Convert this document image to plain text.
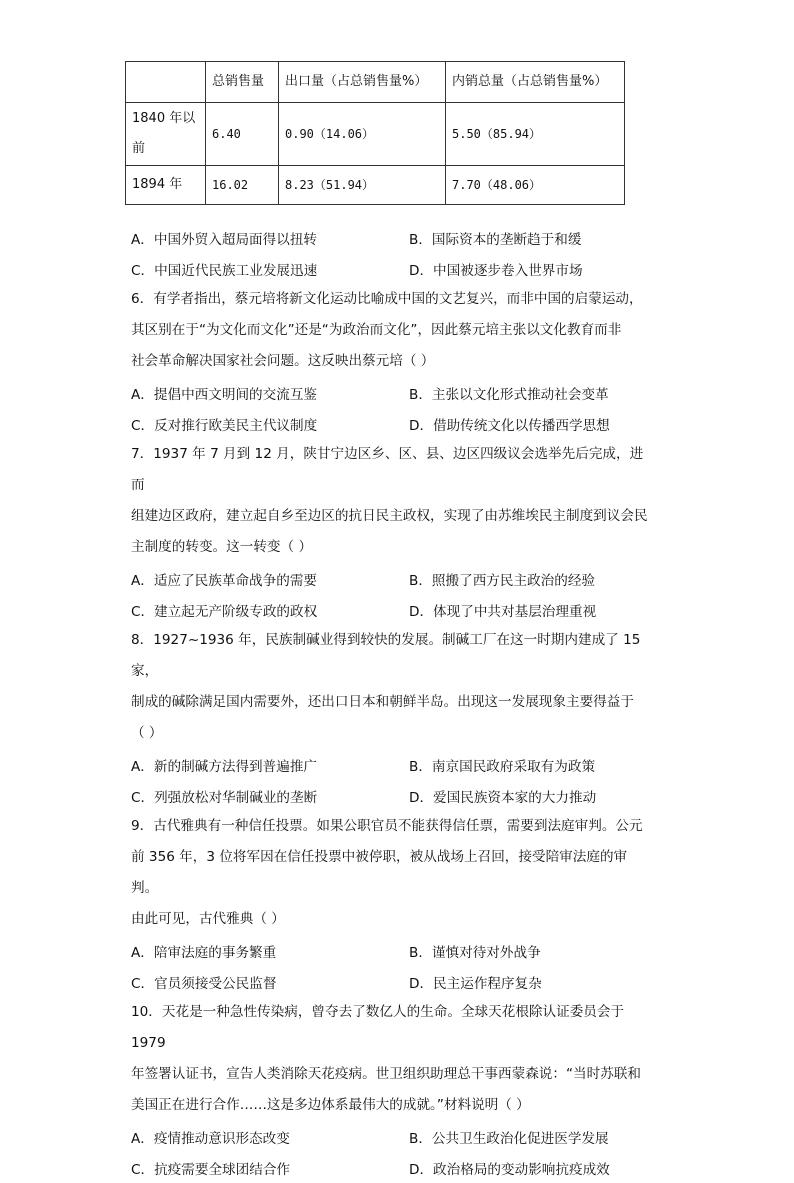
	总销售量	出口量（占总销售量%）	内销总量（占总销售量%）
1840 年以前	6.40	0.90（14.06）	5.50（85.94）
1894 年	16.02	8.23（51.94）	7.70（48.06）
A．中国外贸入超局面得以扭转	B．国际资本的垄断趋于和缓
C．中国近代民族工业发展迅速	D．中国被逐步卷入世界市场

6．有学者指出，蔡元培将新文化运动比喻成中国的文艺复兴，而非中国的启蒙运动，

其区别在于“为文化而文化”还是“为政治而文化”，因此蔡元培主张以文化教育而非

社会革命解决国家社会问题。这反映出蔡元培（ ）

A．提倡中西文明间的交流互鉴	B．主张以文化形式推动社会变革
C．反对推行欧美民主代议制度	D．借助传统文化以传播西学思想

7．1937 年 7 月到 12 月，陕甘宁边区乡、区、县、边区四级议会选举先后完成，进而

组建边区政府，建立起自乡至边区的抗日民主政权，实现了由苏维埃民主制度到议会民

主制度的转变。这一转变（ ）

A．适应了民族革命战争的需要	B．照搬了西方民主政治的经验
C．建立起无产阶级专政的政权	D．体现了中共对基层治理重视

8．1927~1936 年，民族制碱业得到较快的发展。制碱工厂在这一时期内建成了 15 家，

制成的碱除满足国内需要外，还出口日本和朝鲜半岛。出现这一发展现象主要得益于

（ ）

A．新的制碱方法得到普遍推广	B．南京国民政府采取有为政策
C．列强放松对华制碱业的垄断	D．爱国民族资本家的大力推动

9．古代雅典有一种信任投票。如果公职官员不能获得信任票，需要到法庭审判。公元

前 356 年，3 位将军因在信任投票中被停职，被从战场上召回，接受陪审法庭的审判。

由此可见，古代雅典（ ）

A．陪审法庭的事务繁重	B．谨慎对待对外战争
C．官员须接受公民监督	D．民主运作程序复杂

10．天花是一种急性传染病，曾夺去了数亿人的生命。全球天花根除认证委员会于 1979

年签署认证书，宣告人类消除天花疫病。世卫组织助理总干事西蒙森说：“当时苏联和

美国正在进行合作……这是多边体系最伟大的成就。”材料说明（ ）

A．疫情推动意识形态改变	B．公共卫生政治化促进医学发展
C．抗疫需要全球团结合作	D．政治格局的变动影响抗疫成效
